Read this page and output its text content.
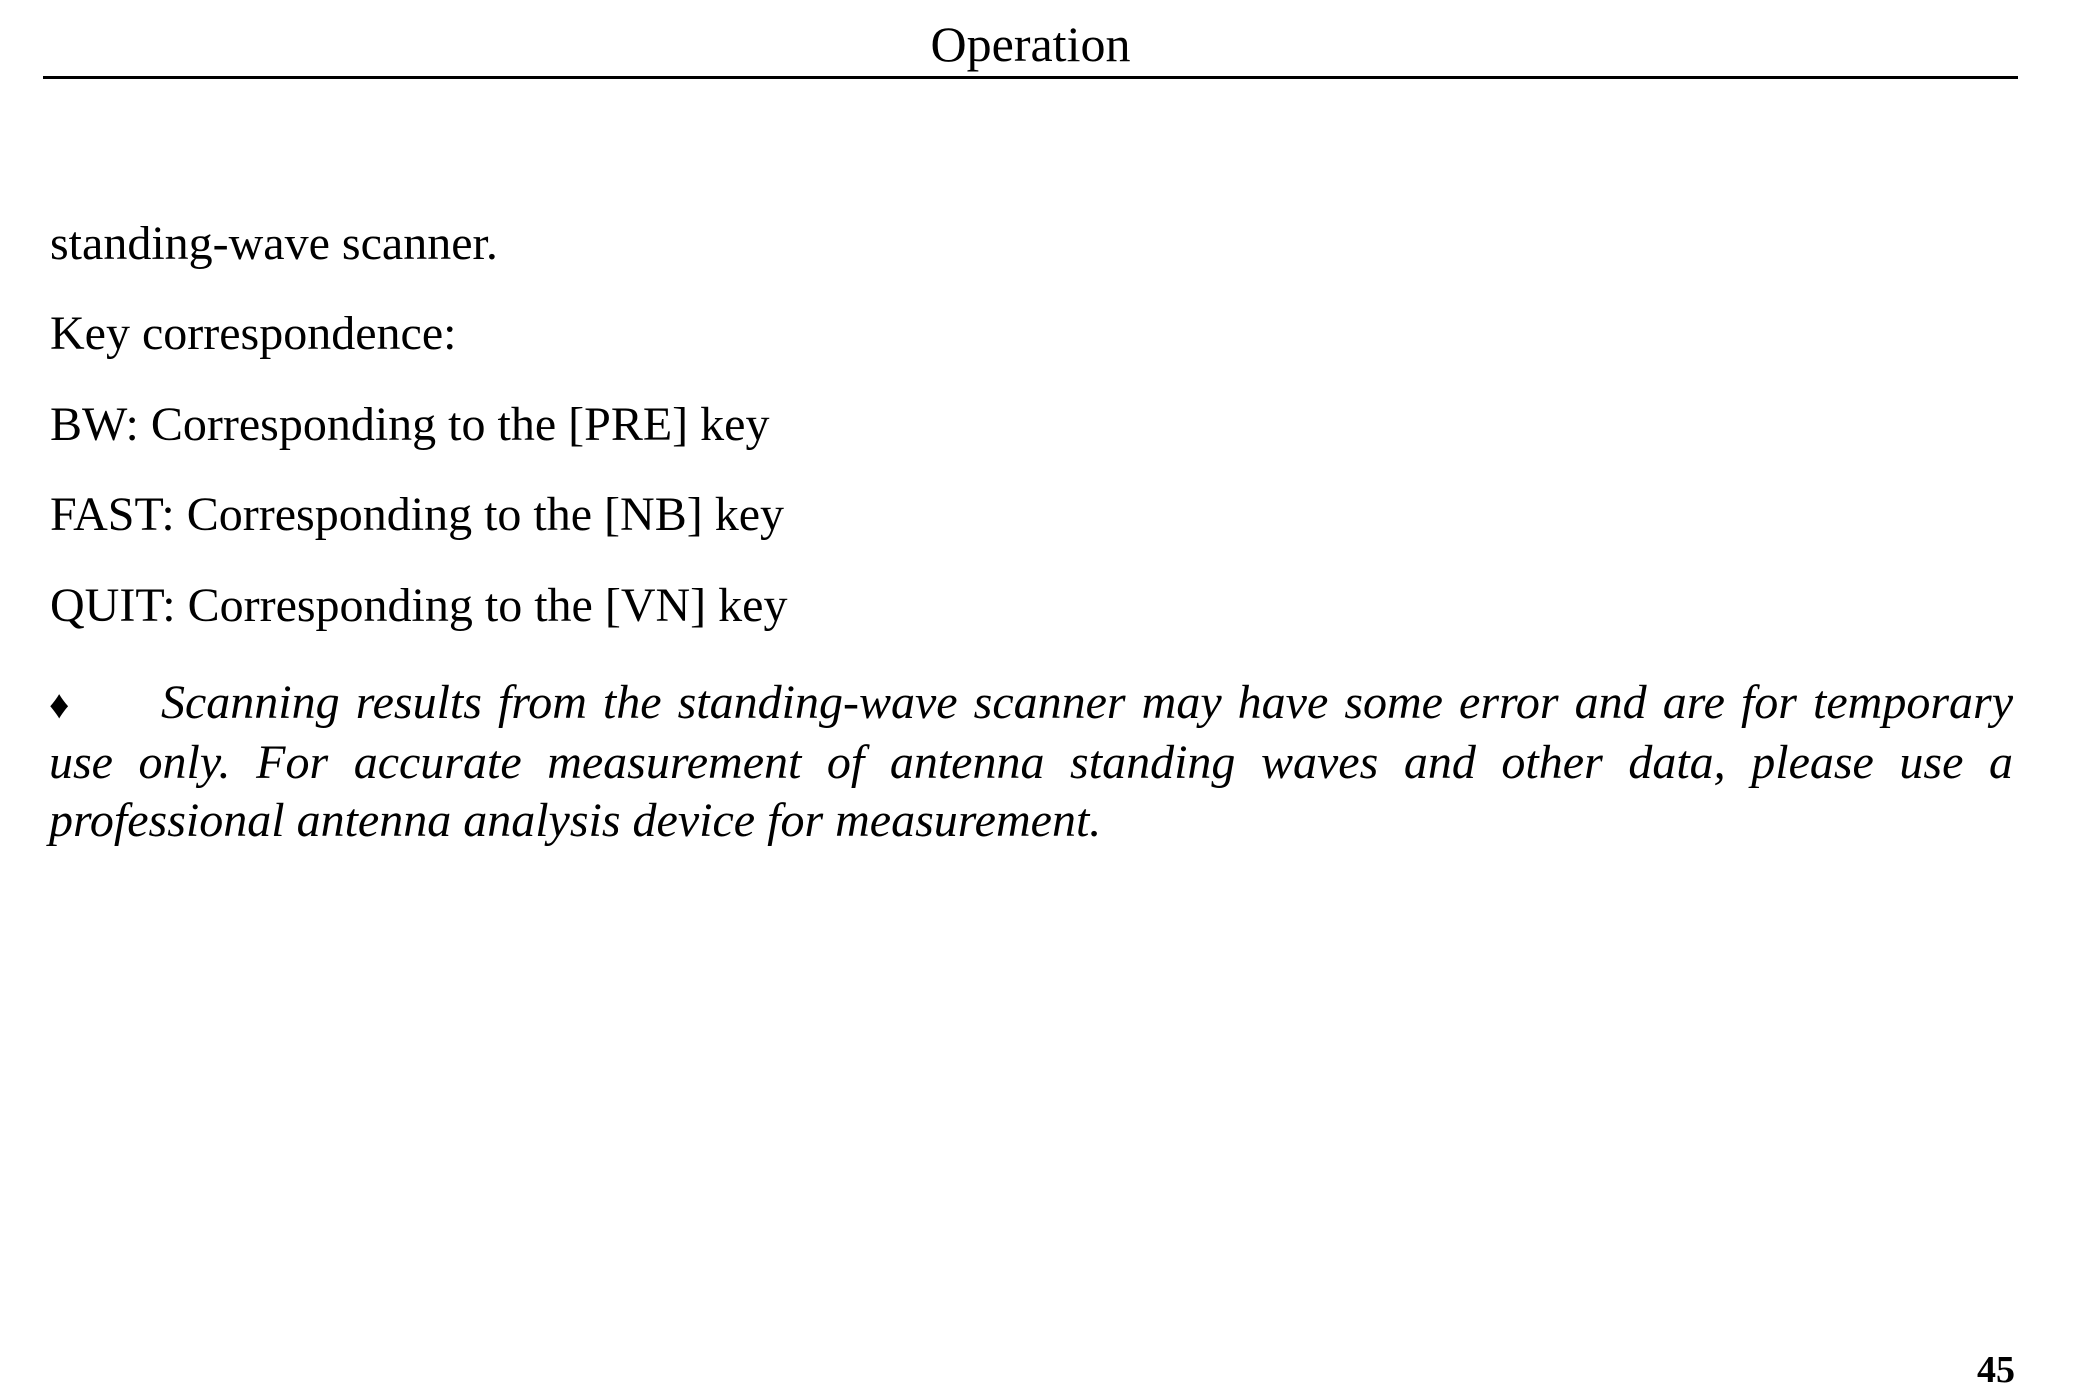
Operation
standing-wave scanner.
Key correspondence:
BW: Corresponding to the [PRE] key
FAST: Corresponding to the [NB] key
QUIT: Corresponding to the [VN] key
♦ Scanning results from the standing-wave scanner may have some error and are for temporary use only. For accurate measurement of antenna standing waves and other data, please use a professional antenna analysis device for measurement.
45
